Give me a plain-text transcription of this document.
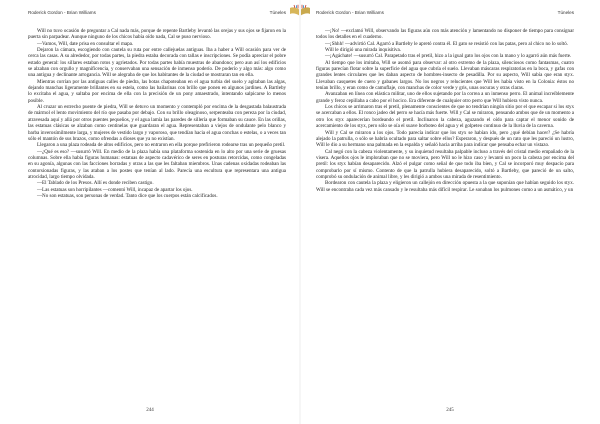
Roderick Gordon - Brian Williams	Túneles

Will no tuvo ocasión de preguntar a Cal nada más, porque de repente Bartleby levantó las orejas y sus ojos se fijaron en la puerta sin parpadear. Aunque ninguno de los chicos había oído nada, Cal se puso nervioso.

—Vamos, Will, date prisa en consultar el mapa.

Dejaron la cámara, escogiendo con cautela su ruta por entre callejuelas antiguas. Iba a haber a Will ocasión para ver de cerca las casas. A su alrededor, por todas partes, la piedra estaba decorada con tallas e inscripciones. Se podía apreciar el pobre estado general: los sillares estaban rotos y agrietados. Por todas partes había muestras de abandono; pero aun así los edificios se alzaban con orgullo y magnificencia, y conservaban una sensación de inmenso poderío. De poderío y algo más: algo como una antigua y declinante arrogancia. Will se alegraba de que los habitantes de la ciudad se mostraran tan en ella.

Mientras corrían por las antiguas calles de piedra, las botas chapoteaban en el agua turbia del suelo y agitaban las algas, dejando manchas ligeramente brillantes en su estela, como las bailarinas con brillo que ponen en algunos jardines. A Bartleby lo excitaba el agua, y saltaba por encima de ella con la precisión de un pony amaestrado, intentando salpicarse lo menos posible.

Al cruzar un estrecho puente de piedra, Will se detuvo un momento y contempló por encima de la desgastada balaustrada de mármol el lento movimiento del río que pasaba por debajo. Con su brillo oleaginoso, serpenteaba con pereza por la ciudad, atravesada aquí y allá por otros puentes pequeños, y el agua lamía las paredes de sillería que formaban su cauce. En las orillas, las estatuas clásicas se alzaban como centinelas que guardaran el agua. Representaban a viejos de ondulante pelo blanco y barba inverosímilmente larga, y mujeres de vestido largo y vaporoso, que tendían hacia el agua conchas o estelas, o a veces tan sólo el mantón de sus brazos, como ofrendas a dioses que ya no existían.

Llegaron a una plaza rodeada de altos edificios, pero no entraron en ella porque prefirieron rodearse tras un pequeño pretil.

—¿Qué es eso? —susurró Will. En medio de la plaza había una plataforma sostenida en lo alto por una serie de gruesas columnas. Sobre ella había figuras humanas: estatuas de aspecto cadavérico de seres en posturas retorcidas, como congeladas en su agonía, algunas con las facciones borradas y otras a las que les faltaban miembros. Unas cadenas oxidadas rodeaban las contorsionadas figuras, y las ataban a los postes que tenían al lado. Parecía una escultura que representara una antigua atrocidad, largo tiempo olvidada.

—El Tablado de los Presos. Allí es donde reciben castigo.

—Las estatuas son horripilantes —comentó Will, incapaz de apartar los ojos.

—No son estatuas, son personas de verdad. Tanto dice que los cuerpos están calcificados.

244
Roderick Gordon - Brian Williams	Túneles

—¡No! —exclamó Will, observando las figuras aún con más atención y lamentando no disponer de tiempo para consignar todos los detalles en el cuaderno.

—¡Shhh! —advirtió Cal. Agarró a Bartleby le apretó contra él. El gato se resistió con las patas, pero al chico no lo soltó.

Will le dirigió una mirada inquisitiva.

—¡Agáchate! —susurró Cal. Parapetado tras el pretil, hizo a la igual gato los ojos con la mano y lo agarró aún más fuerte.

Al tiempo que los imitaba, Will se asomó para observar: al otro extremo de la plaza, silenciosos como fantasmas, cuatro figuras parecían flotar sobre la superficie del agua que cubría el suelo. Llevaban máscaras respiratorias en la boca, y gafas con grandes lentes circulares que les daban aspecto de hombres-insecto de pesadilla. Por su aspecto, Will sabía que eran styx. Llevaban casquetes de cuero y gabanes largos. No los negros y relucientes que Will les había visto en la Colonia: éstos no tenían brillo, y eran como de camuflaje, con manchas de color verde y gris, unas oscuras y otras claras.

Avanzaban en línea con elástica militar, uno de ellos sujetando por la correa a un inmenso perro. El animal increíblemente grande y feroz cepillaba a cabo por el hocico. Era diferente de cualquier otro perro que Will hubiera visto nunca.

Los chicos se arrimaron tras el pretil, plenamente conscientes de que no tendrían ningún sitio por el que escapar si los styx se acercaban a ellos. El ronco jadeo del perro se hacía más fuerte. Will y Cal se miraron, pensando ambos que de un momento a otro los styx aparecerían bordeando el pretil. Inclinaron la cabeza, aguzando el oído para captar el menor sonido de acercamiento de los styx, pero sólo se oía el suave borboteo del agua y el golpeteo continuo de la lluvia de la caverna.

Will y Cal se miraron a los ojos. Todo parecía indicar que los styx se habían ido, pero ¿qué debían hacer? ¿Se habría alejado la patrulla, o sólo se habría ocultado para saltar sobre ellos? Esperaron, y después de un rato que les pareció un lustro, Will le dio a su hermano una palmada en la espalda y señaló hacia arriba para indicar que pensaba echar un vistazo.

Cal negó con la cabeza violentamente, y su inquietud resultaba palpable incluso a través del cristal medio empañado de la visera. Aquellos ojos le imploraban que no se moviera, pero Will no le hizo caso y levantó un poco la cabeza por encima del pretil: los styx habían desaparecido. Alzó el pulgar como señal de que todo iba bien, y Cal se incorporó muy despacio para comprobarlo por sí mismo. Contento de que la patrulla hubiera desaparecido, soltó a Bartleby, que pareció de un salto, comprobó su ondulación de animal libre, y les dirigió a ambos una mirada de resentimiento.

Bordearon con cautela la plaza y eligieron un callejón en dirección opuesta a la que suponían que habían seguido los styx. Will se encontraba cada vez más cansado y le resultaba más difícil respirar. Le sonaban los pulmones como a un asmático, y un

245
